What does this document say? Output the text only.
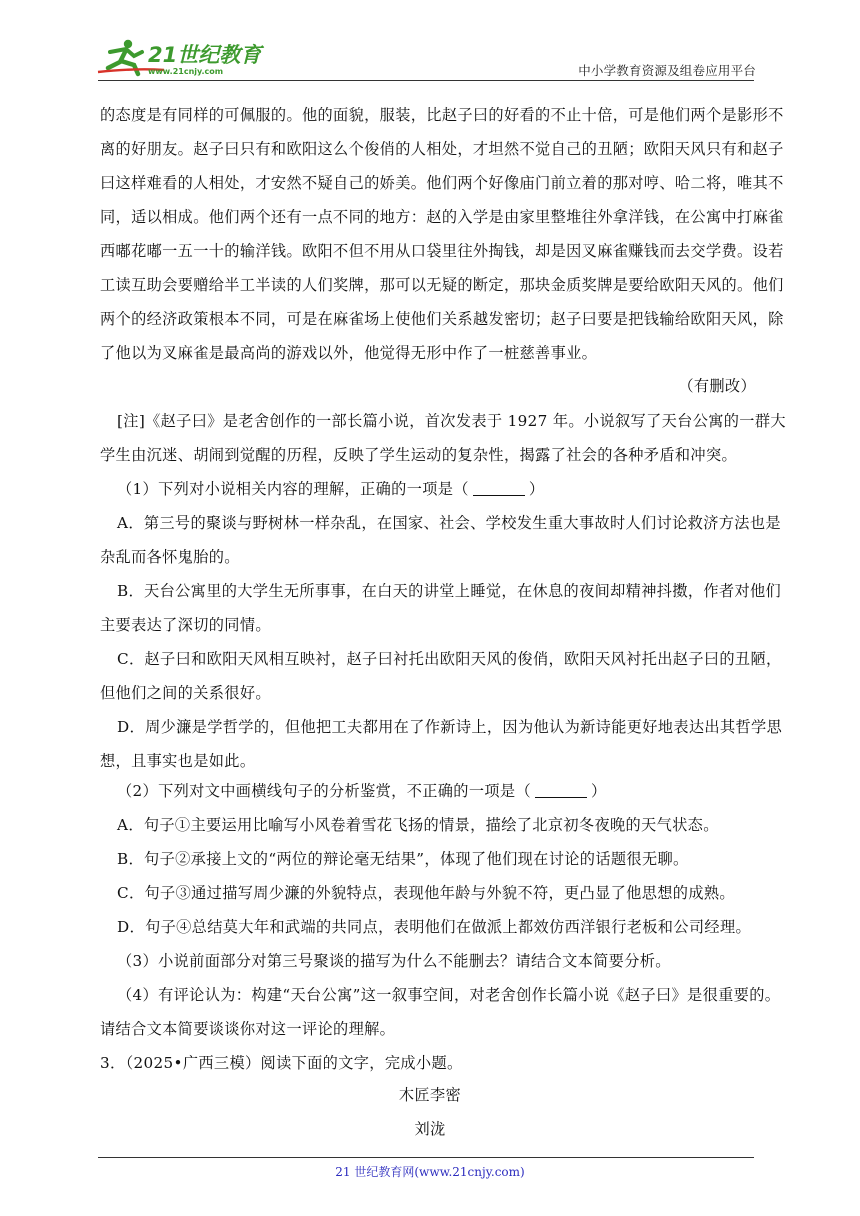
21世纪教育
www.21cnjy.com	中小学教育资源及组卷应用平台
的态度是有同样的可佩服的。他的面貌，服装，比赵子曰的好看的不止十倍，可是他们两个是影形不
离的好朋友。赵子曰只有和欧阳这么个俊俏的人相处，才坦然不觉自己的丑陋；欧阳天风只有和赵子
曰这样难看的人相处，才安然不疑自己的娇美。他们两个好像庙门前立着的那对哼、哈二将，唯其不
同，适以相成。他们两个还有一点不同的地方：赵的入学是由家里整堆往外拿洋钱，在公寓中打麻雀
西嘟花嘟一五一十的输洋钱。欧阳不但不用从口袋里往外掏钱，却是因叉麻雀赚钱而去交学费。设若
工读互助会要赠给半工半读的人们奖牌，那可以无疑的断定，那块金质奖牌是要给欧阳天风的。他们
两个的经济政策根本不同，可是在麻雀场上使他们关系越发密切；赵子曰要是把钱输给欧阳天风，除
了他以为叉麻雀是最高尚的游戏以外，他觉得无形中作了一桩慈善事业。
（有删改）
[注]《赵子曰》是老舍创作的一部长篇小说，首次发表于 1927 年。小说叙写了天台公寓的一群大
学生由沉迷、胡闹到觉醒的历程，反映了学生运动的复杂性，揭露了社会的各种矛盾和冲突。
（1）下列对小说相关内容的理解，正确的一项是（	）
A．第三号的聚谈与野树林一样杂乱，在国家、社会、学校发生重大事故时人们讨论救济方法也是
杂乱而各怀鬼胎的。
B．天台公寓里的大学生无所事事，在白天的讲堂上睡觉，在休息的夜间却精神抖擞，作者对他们
主要表达了深切的同情。
C．赵子曰和欧阳天风相互映衬，赵子曰衬托出欧阳天风的俊俏，欧阳天风衬托出赵子曰的丑陋，
但他们之间的关系很好。
D．周少濂是学哲学的，但他把工夫都用在了作新诗上，因为他认为新诗能更好地表达出其哲学思
想，且事实也是如此。
（2）下列对文中画横线句子的分析鉴赏，不正确的一项是（	）
A．句子①主要运用比喻写小风卷着雪花飞扬的情景，描绘了北京初冬夜晚的天气状态。
B．句子②承接上文的“两位的辩论毫无结果”，体现了他们现在讨论的话题很无聊。
C．句子③通过描写周少濂的外貌特点，表现他年龄与外貌不符，更凸显了他思想的成熟。
D．句子④总结莫大年和武端的共同点，表明他们在做派上都效仿西洋银行老板和公司经理。
（3）小说前面部分对第三号聚谈的描写为什么不能删去？请结合文本简要分析。
（4）有评论认为：构建“天台公寓”这一叙事空间，对老舍创作长篇小说《赵子曰》是很重要的。
请结合文本简要谈谈你对这一评论的理解。
3．（2025•广西三模）阅读下面的文字，完成小题。
木匠李密
刘泷
21 世纪教育网(www.21cnjy.com)
